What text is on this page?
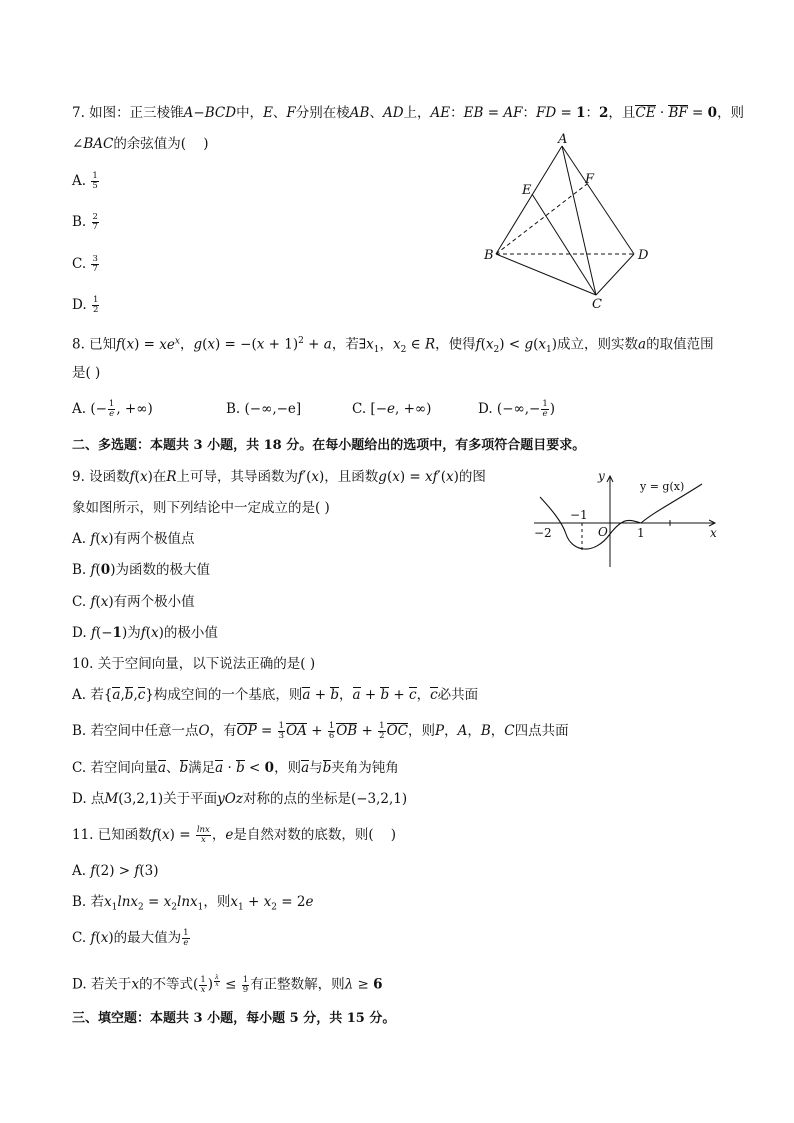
7. 如图：正三棱锥A−BCD中，E、F分别在棱AB、AD上，AE：EB = AF：FD = 1：2，且CE · BF = 0，则
∠BAC的余弦值为(    )
A. $\frac{1}{5}$
B. $\frac{2}{7}$
C. $\frac{3}{7}$
D. $\frac{1}{2}$
A
B
C
D
E
F
8. 已知$f(x) = xe^x$，$g(x) = -(x + 1)^2 + a$，若$\exists x_1$，$x_2$ ∈ R，使得$f(x_2) < g(x_1)$成立，则实数a的取值范围
是( )
A. (− $\frac{1}{e}$ , +∞)	B. (−∞,−e]	C. [−e, +∞)	D. (−∞,− $\frac{1}{e}$ )
二、多选题：本题共 3 小题，共 18 分。在每小题给出的选项中，有多项符合题目要求。
9. 设函数f(x)在R上可导，其导函数为f′(x)，且函数g(x) = xf′(x)的图
象如图所示，则下列结论中一定成立的是( )
A. f(x)有两个极值点
B. f(0)为函数的极大值
C. f(x)有两个极小值
D. f(−1)为f(x)的极小值
y
x
y = g(x)
−2
−1
O 1
10. 关于空间向量，以下说法正确的是( )
A. 若{a,b,c}构成空间的一个基底，则a + b，a + b + c，c必共面
B. 若空间中任意一点O，有OP = $\frac{1}{3}$ OA + $\frac{1}{6}$ OB + $\frac{1}{2}$ OC，则P，A，B，C四点共面
C. 若空间向量a、b满足a · b < 0，则a与b夹角为钝角
D. 点M(3,2,1)关于平面yOz对称的点的坐标是(−3,2,1)
11. 已知函数$f(x) = \frac{\ln x}{x}$ ，e是自然对数的底数，则(    )
A. f(2) > f(3)
B. 若$x_1\ln x_2 = x_2\ln x_1$，则$x_1 + x_2 = 2e$
C. f(x)的最大值为 $\frac{1}{e}$
D. 若关于x的不等式( $\frac{1}{x}$ ) $^{\frac{\lambda}{x}} \le \frac{1}{9}$ 有正整数解，则λ ≥ 6
三、填空题：本题共 3 小题，每小题 5 分，共 15 分。
